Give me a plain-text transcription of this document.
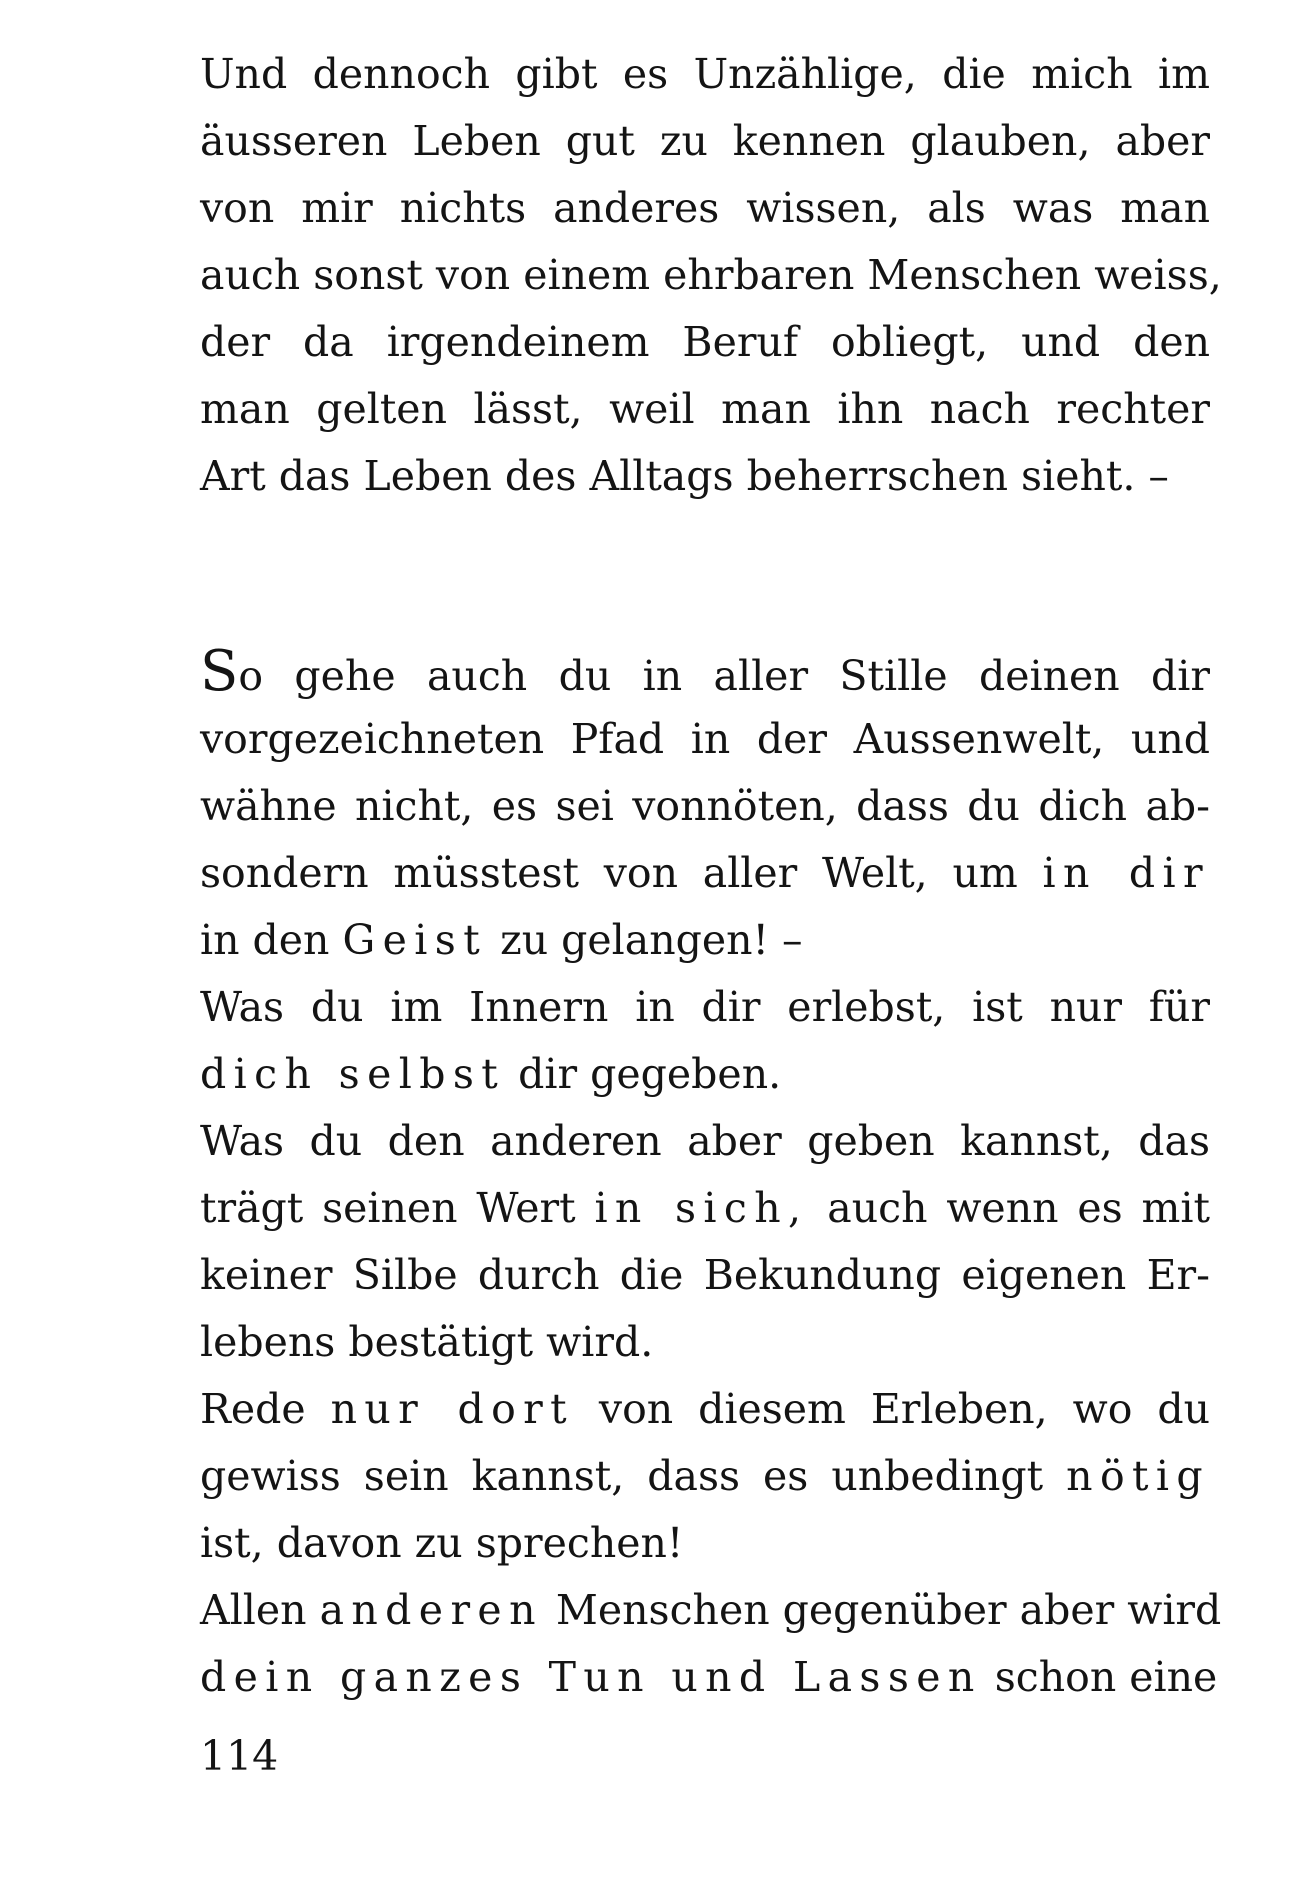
Und dennoch gibt es Unzählige, die mich im
äusseren Leben gut zu kennen glauben, aber
von mir nichts anderes wissen, als was man
auch sonst von einem ehrbaren Menschen weiss,
der da irgendeinem Beruf obliegt, und den
man gelten lässt, weil man ihn nach rechter
Art das Leben des Alltags beherrschen sieht. –
So gehe auch du in aller Stille deinen dir
vorgezeichneten Pfad in der Aussenwelt, und
wähne nicht, es sei vonnöten, dass du dich ab-
sondern müsstest von aller Welt, um in dir
in den Geist zu gelangen! –
Was du im Innern in dir erlebst, ist nur für
dich selbst dir gegeben.
Was du den anderen aber geben kannst, das
trägt seinen Wert in sich, auch wenn es mit
keiner Silbe durch die Bekundung eigenen Er-
lebens bestätigt wird.
Rede nur dort von diesem Erleben, wo du
gewiss sein kannst, dass es unbedingt nötig
ist, davon zu sprechen!
Allen anderen Menschen gegenüber aber wird
dein ganzes Tun und Lassen schon eine
114
